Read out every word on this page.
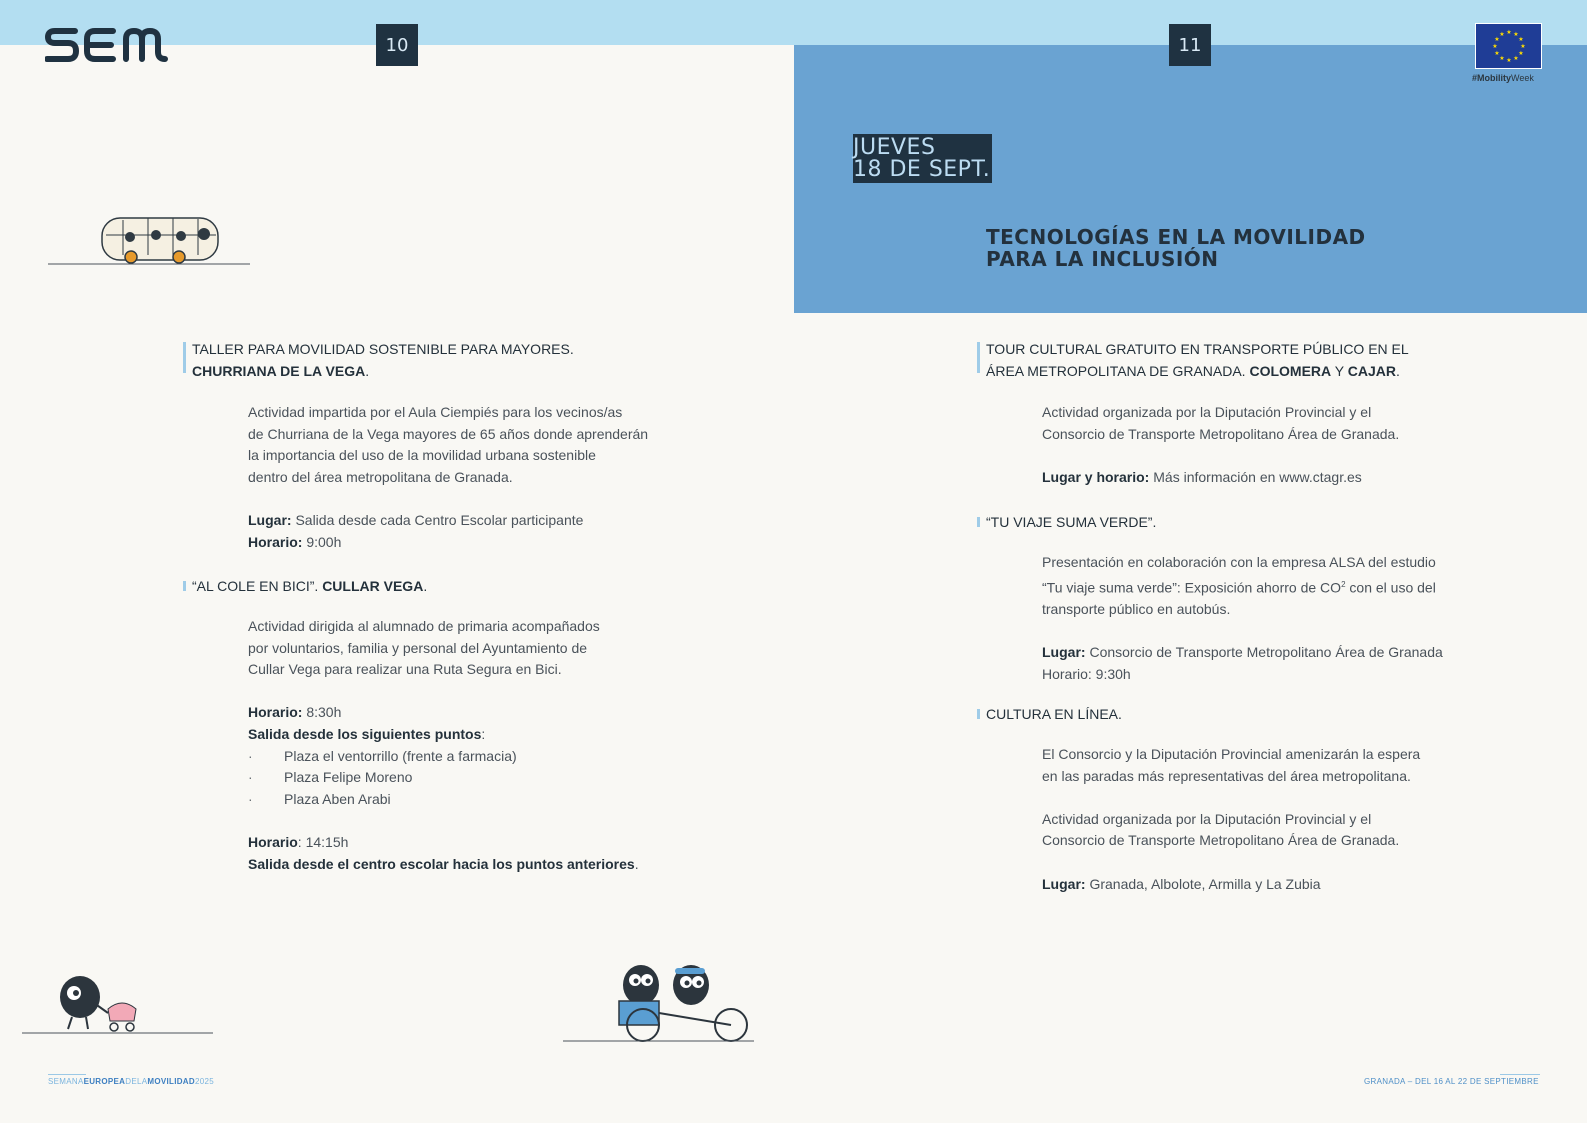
10	11
★ ★
★
★
★
★
★
★
★
★
★
★
#MobilityWeek
JUEVES
18 DE SEPT.
TECNOLOGÍAS EN LA MOVILIDAD
PARA LA INCLUSIÓN
TALLER PARA MOVILIDAD SOSTENIBLE PARA MAYORES.
CHURRIANA DE LA VEGA.
Actividad impartida por el Aula Ciempiés para los vecinos/as
de Churriana de la Vega mayores de 65 años donde aprenderán
la importancia del uso de la movilidad urbana sostenible
dentro del área metropolitana de Granada.
Lugar: Salida desde cada Centro Escolar participante
Horario: 9:00h
“AL COLE EN BICI”. CULLAR VEGA.
Actividad dirigida al alumnado de primaria acompañados
por voluntarios, familia y personal del Ayuntamiento de
Cullar Vega para realizar una Ruta Segura en Bici.
Horario: 8:30h
Salida desde los siguientes puntos:
· Plaza el ventorrillo (frente a farmacia)
· Plaza Felipe Moreno
· Plaza Aben Arabi
Horario: 14:15h
Salida desde el centro escolar hacia los puntos anteriores.
TOUR CULTURAL GRATUITO EN TRANSPORTE PÚBLICO EN EL
ÁREA METROPOLITANA DE GRANADA. COLOMERA Y CAJAR.
Actividad organizada por la Diputación Provincial y el
Consorcio de Transporte Metropolitano Área de Granada.
Lugar y horario: Más información en www.ctagr.es
“TU VIAJE SUMA VERDE”.
Presentación en colaboración con la empresa ALSA del estudio
“Tu viaje suma verde”: Exposición ahorro de $CO^2$ con el uso del
transporte público en autobús.
Lugar: Consorcio de Transporte Metropolitano Área de Granada
Horario: 9:30h
CULTURA EN LÍNEA.
El Consorcio y la Diputación Provincial amenizarán la espera
en las paradas más representativas del área metropolitana.
Actividad organizada por la Diputación Provincial y el
Consorcio de Transporte Metropolitano Área de Granada.
Lugar: Granada, Albolote, Armilla y La Zubia
SEMANAEUROPEADELAMOVILIDAD2025	GRANADA – DEL 16 AL 22 DE SEPTIEMBRE
